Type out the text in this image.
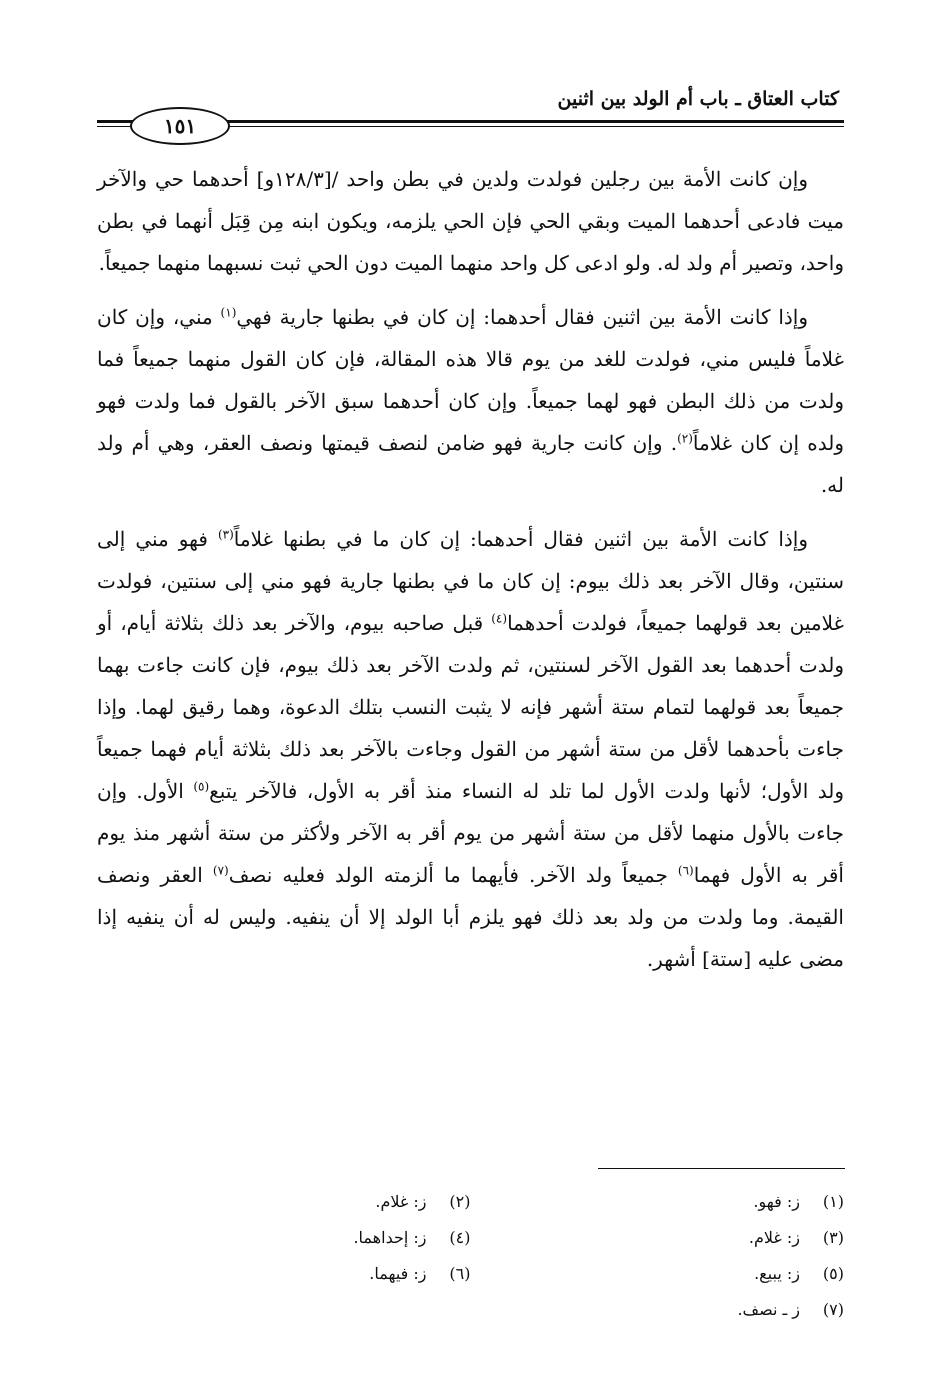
كتاب العتاق ـ باب أم الولد بين اثنين
١٥١

وإن كانت الأمة بين رجلين فولدت ولدين في بطن واحد /[١٢٨/٣و] أحدهما حي والآخر ميت فادعى أحدهما الميت وبقي الحي فإن الحي يلزمه، ويكون ابنه مِن قِبَل أنهما في بطن واحد، وتصير أم ولد له. ولو ادعى كل واحد منهما الميت دون الحي ثبت نسبهما منهما جميعاً.

وإذا كانت الأمة بين اثنين فقال أحدهما: إن كان في بطنها جارية فهي$^{(١)}$ مني، وإن كان غلاماً فليس مني، فولدت للغد من يوم قالا هذه المقالة، فإن كان القول منهما جميعاً فما ولدت من ذلك البطن فهو لهما جميعاً. وإن كان أحدهما سبق الآخر بالقول فما ولدت فهو ولده إن كان غلاماً$^{(٢)}$. وإن كانت جارية فهو ضامن لنصف قيمتها ونصف العقر، وهي أم ولد له.

وإذا كانت الأمة بين اثنين فقال أحدهما: إن كان ما في بطنها غلاماً$^{(٣)}$ فهو مني إلى سنتين، وقال الآخر بعد ذلك بيوم: إن كان ما في بطنها جارية فهو مني إلى سنتين، فولدت غلامين بعد قولهما جميعاً، فولدت أحدهما$^{(٤)}$ قبل صاحبه بيوم، والآخر بعد ذلك بثلاثة أيام، أو ولدت أحدهما بعد القول الآخر لسنتين، ثم ولدت الآخر بعد ذلك بيوم، فإن كانت جاءت بهما جميعاً بعد قولهما لتمام ستة أشهر فإنه لا يثبت النسب بتلك الدعوة، وهما رقيق لهما. وإذا جاءت بأحدهما لأقل من ستة أشهر من القول وجاءت بالآخر بعد ذلك بثلاثة أيام فهما جميعاً ولد الأول؛ لأنها ولدت الأول لما تلد له النساء منذ أقر به الأول، فالآخر يتبع$^{(٥)}$ الأول. وإن جاءت بالأول منهما لأقل من ستة أشهر من يوم أقر به الآخر ولأكثر من ستة أشهر منذ يوم أقر به الأول فهما$^{(٦)}$ جميعاً ولد الآخر. فأيهما ما ألزمته الولد فعليه نصف$^{(٧)}$ العقر ونصف القيمة. وما ولدت من ولد بعد ذلك فهو يلزم أبا الولد إلا أن ينفيه. وليس له أن ينفيه إذا مضى عليه [ستة] أشهر.

(١)ز: فهو.
(٢)ز: غلام.
(٣)ز: غلام.
(٤)ز: إحداهما.
(٥)ز: يبيع.
(٦)ز: فيهما.
(٧)ز ـ نصف.
